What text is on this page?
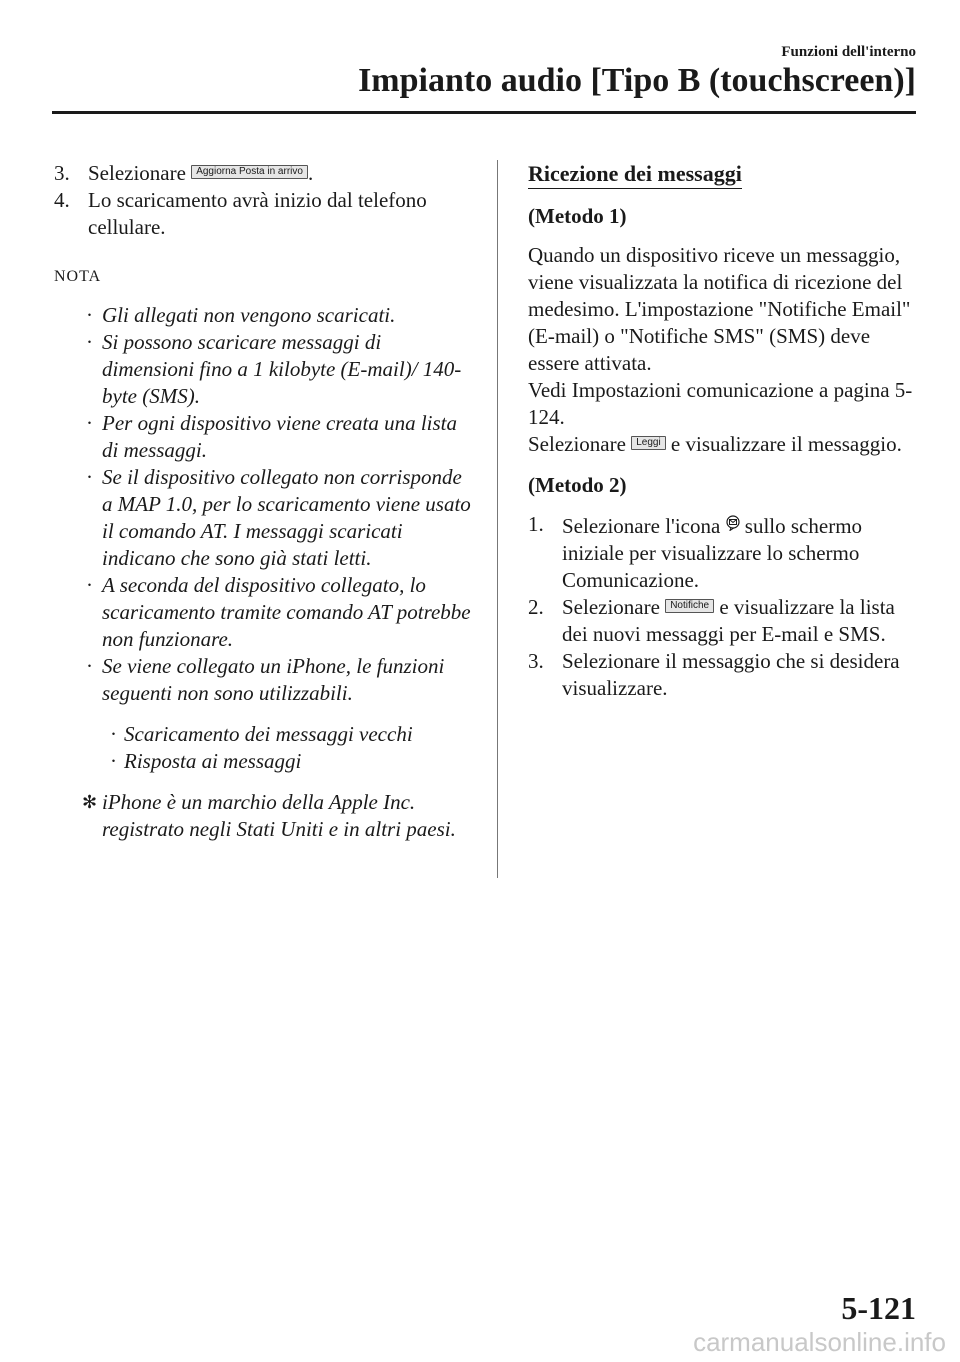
Funzioni dell'interno
Impianto audio [Tipo B (touchscreen)]
3. Selezionare Aggiorna Posta in arrivo .
4. Lo scaricamento avrà inizio dal telefono cellulare.
NOTA
· Gli allegati non vengono scaricati.
· Si possono scaricare messaggi di dimensioni fino a 1 kilobyte (E-mail)/ 140-byte (SMS).
· Per ogni dispositivo viene creata una lista di messaggi.
· Se il dispositivo collegato non corrisponde a MAP 1.0, per lo scaricamento viene usato il comando AT. I messaggi scaricati indicano che sono già stati letti.
· A seconda del dispositivo collegato, lo scaricamento tramite comando AT potrebbe non funzionare.
· Se viene collegato un iPhone, le funzioni seguenti non sono utilizzabili.
· Scaricamento dei messaggi vecchi
· Risposta ai messaggi
✻ iPhone è un marchio della Apple Inc. registrato negli Stati Uniti e in altri paesi.
Ricezione dei messaggi
(Metodo 1)
Quando un dispositivo riceve un messaggio, viene visualizzata la notifica di ricezione del medesimo. L'impostazione "Notifiche Email" (E-mail) o "Notifiche SMS" (SMS) deve essere attivata.
Vedi Impostazioni comunicazione a pagina 5-124.
Selezionare Leggi e visualizzare il messaggio.
(Metodo 2)
1. Selezionare l'icona sullo schermo iniziale per visualizzare lo schermo Comunicazione.
2. Selezionare Notifiche e visualizzare la lista dei nuovi messaggi per E-mail e SMS.
3. Selezionare il messaggio che si desidera visualizzare.
5-121
carmanualsonline.info
